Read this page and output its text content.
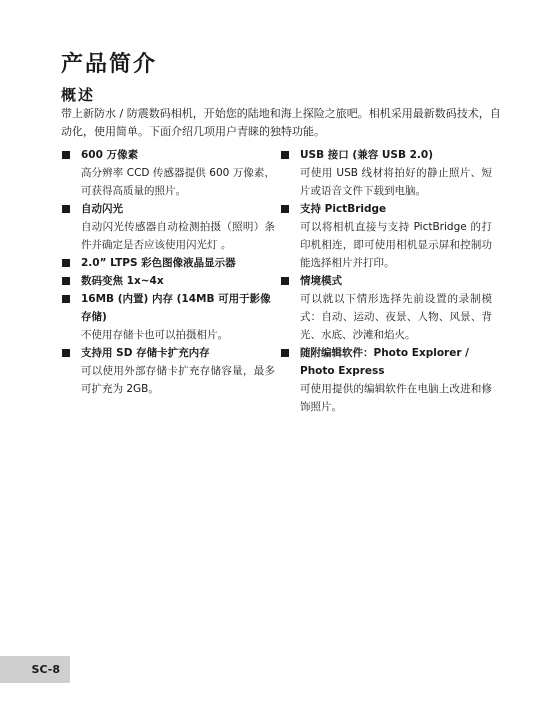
产品简介
概述

带上新防水 / 防震数码相机，开始您的陆地和海上探险之旅吧。相机采用最新数码技术，自动化，使用简单。下面介绍几项用户青睐的独特功能。

600 万像素
高分辨率 CCD 传感器提供 600 万像素，可获得高质量的照片。
自动闪光
自动闪光传感器自动检测拍摄（照明）条件并确定是否应该使用闪光灯 。
2.0” LTPS 彩色图像液晶显示器
数码变焦 1x~4x
16MB (内置) 内存 (14MB 可用于影像存储)
不使用存储卡也可以拍摄相片。
支持用 SD 存储卡扩充内存
可以使用外部存储卡扩充存储容量，最多可扩充为 2GB。
USB 接口 (兼容 USB 2.0)
可使用 USB 线材将拍好的静止照片、短片或语音文件下载到电脑。
支持 PictBridge
可以将相机直接与支持 PictBridge 的打印机相连，即可使用相机显示屏和控制功能选择相片并打印。
情境模式
可以就以下情形选择先前设置的录制模式：自动、运动、夜景、人物、风景、背光、水底、沙滩和焰火。
随附编辑软件：Photo Explorer / Photo Express
可使用提供的编辑软件在电脑上改进和修饰照片。
SC-8
